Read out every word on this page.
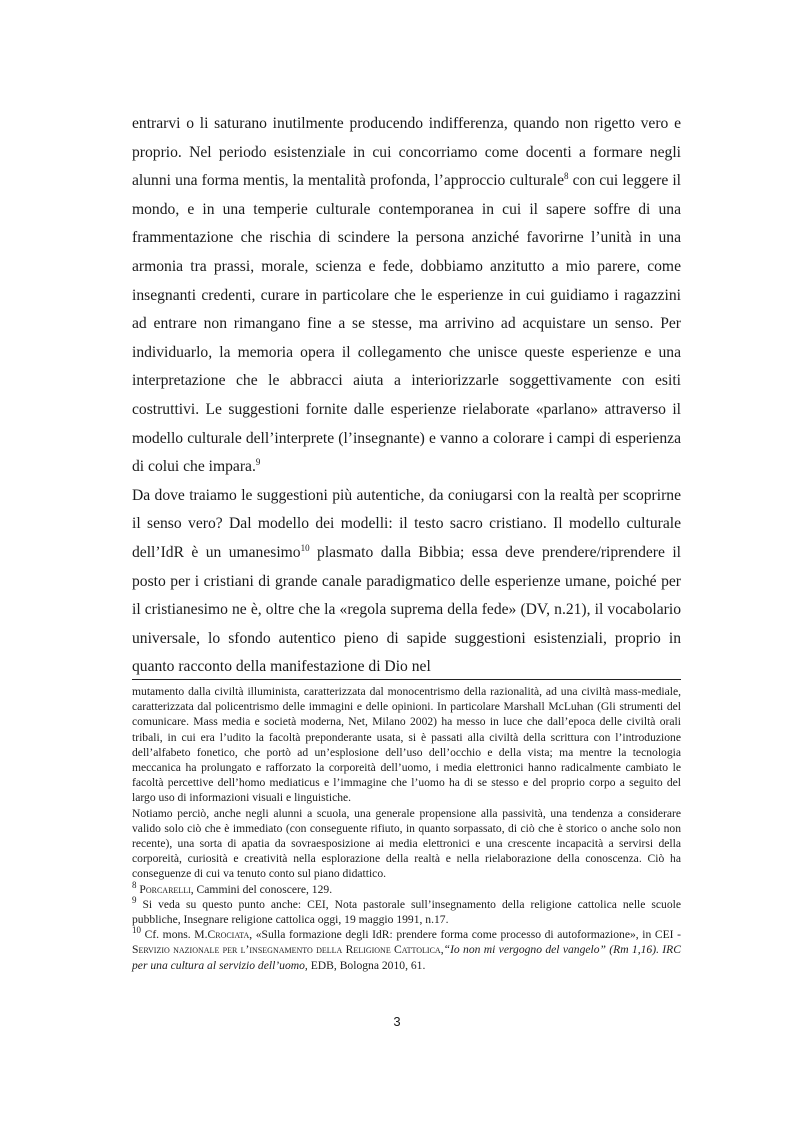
entrarvi o li saturano inutilmente producendo indifferenza, quando non rigetto vero e proprio. Nel periodo esistenziale in cui concorriamo come docenti a formare negli alunni una forma mentis, la mentalità profonda, l’approccio culturale$^8$ con cui leggere il mondo, e in una temperie culturale contemporanea in cui il sapere soffre di una frammentazione che rischia di scindere la persona anziché favorirne l’unità in una armonia tra prassi, morale, scienza e fede, dobbiamo anzitutto a mio parere, come insegnanti credenti, curare in particolare che le esperienze in cui guidiamo i ragazzini ad entrare non rimangano fine a se stesse, ma arrivino ad acquistare un senso. Per individuarlo, la memoria opera il collegamento che unisce queste esperienze e una interpretazione che le abbracci aiuta a interiorizzarle soggettivamente con esiti costruttivi. Le suggestioni fornite dalle esperienze rielaborate «parlano» attraverso il modello culturale dell’interprete (l’insegnante) e vanno a colorare i campi di esperienza di colui che impara.$^9$

Da dove traiamo le suggestioni più autentiche, da coniugarsi con la realtà per scoprirne il senso vero? Dal modello dei modelli: il testo sacro cristiano. Il modello culturale dell’IdR è un umanesimo$^{10}$ plasmato dalla Bibbia; essa deve prendere/riprendere il posto per i cristiani di grande canale paradigmatico delle esperienze umane, poiché per il cristianesimo ne è, oltre che la «regola suprema della fede» (DV, n.21), il vocabolario universale, lo sfondo autentico pieno di sapide suggestioni esistenziali, proprio in quanto racconto della manifestazione di Dio nel

mutamento dalla civiltà illuminista, caratterizzata dal monocentrismo della razionalità, ad una civiltà mass-mediale, caratterizzata dal policentrismo delle immagini e delle opinioni. In particolare Marshall McLuhan (Gli strumenti del comunicare. Mass media e società moderna, Net, Milano 2002) ha messo in luce che dall’epoca delle civiltà orali tribali, in cui era l’udito la facoltà preponderante usata, si è passati alla civiltà della scrittura con l’introduzione dell’alfabeto fonetico, che portò ad un’esplosione dell’uso dell’occhio e della vista; ma mentre la tecnologia meccanica ha prolungato e rafforzato la corporeità dell’uomo, i media elettronici hanno radicalmente cambiato le facoltà percettive dell’homo mediaticus e l’immagine che l’uomo ha di se stesso e del proprio corpo a seguito del largo uso di informazioni visuali e linguistiche.

Notiamo perciò, anche negli alunni a scuola, una generale propensione alla passività, una tendenza a considerare valido solo ciò che è immediato (con conseguente rifiuto, in quanto sorpassato, di ciò che è storico o anche solo non recente), una sorta di apatia da sovraesposizione ai media elettronici e una crescente incapacità a servirsi della corporeità, curiosità e creatività nella esplorazione della realtà e nella rielaborazione della conoscenza. Ciò ha conseguenze di cui va tenuto conto sul piano didattico.

$^8$ Porcarelli, Cammini del conoscere, 129.

$^9$ Si veda su questo punto anche: CEI, Nota pastorale sull’insegnamento della religione cattolica nelle scuole pubbliche, Insegnare religione cattolica oggi, 19 maggio 1991, n.17.

$^{10}$ Cf. mons. M.Crociata, «Sulla formazione degli IdR: prendere forma come processo di autoformazione», in CEI - Servizio nazionale per l’insegnamento della Religione Cattolica,“Io non mi vergogno del vangelo” (Rm 1,16). IRC per una cultura al servizio dell’uomo, EDB, Bologna 2010, 61.

3
